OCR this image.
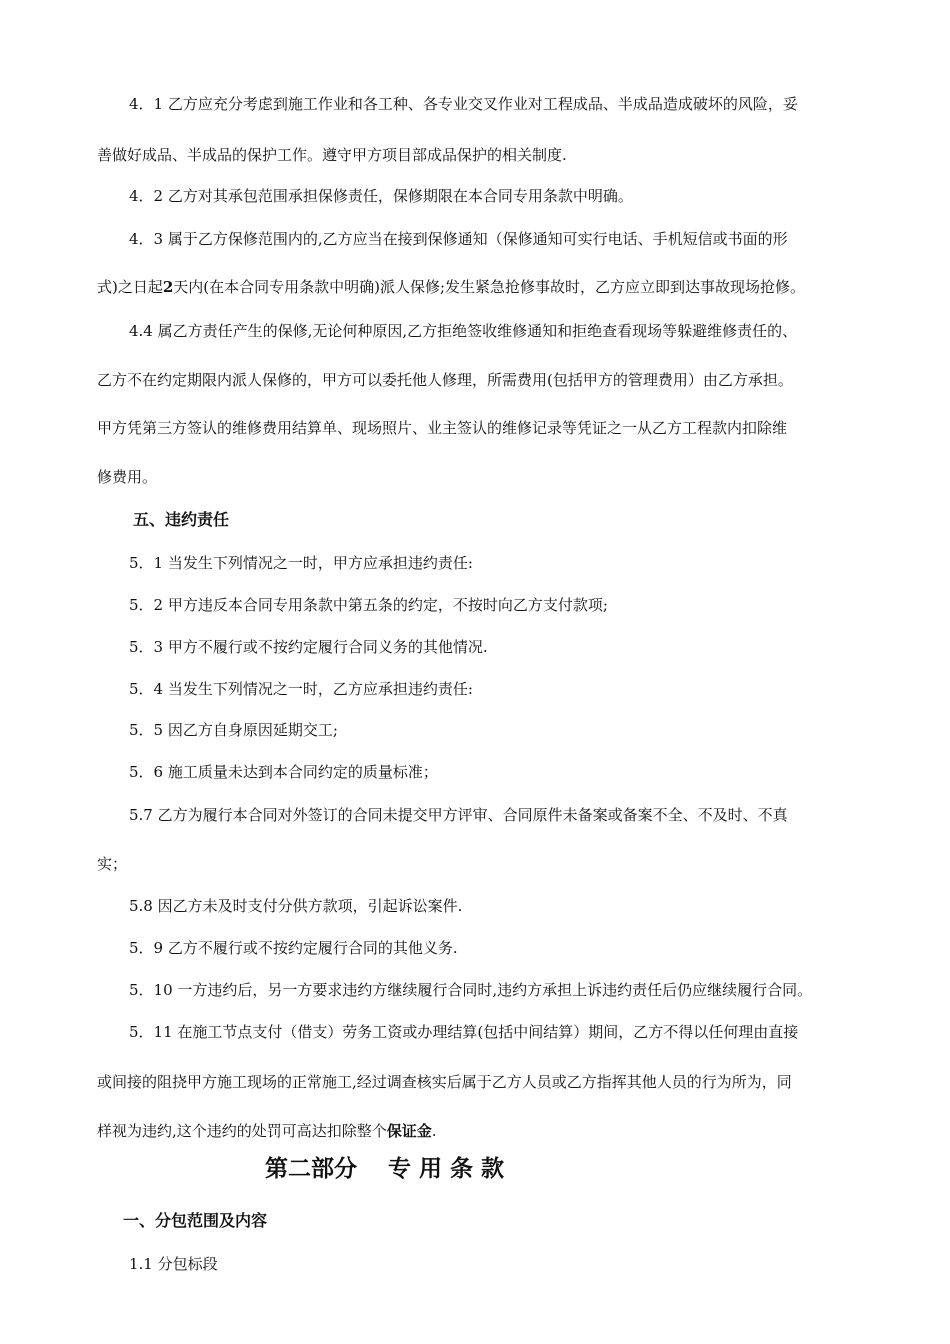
4．1 乙方应充分考虑到施工作业和各工种、各专业交叉作业对工程成品、半成品造成破坏的风险，妥
善做好成品、半成品的保护工作。遵守甲方项目部成品保护的相关制度.
4．2 乙方对其承包范围承担保修责任，保修期限在本合同专用条款中明确。
4．3 属于乙方保修范围内的,乙方应当在接到保修通知（保修通知可实行电话、手机短信或书面的形
式)之日起2天内(在本合同专用条款中明确)派人保修;发生紧急抢修事故时，乙方应立即到达事故现场抢修。
4.4 属乙方责任产生的保修,无论何种原因,乙方拒绝签收维修通知和拒绝查看现场等躲避维修责任的、
乙方不在约定期限内派人保修的，甲方可以委托他人修理，所需费用(包括甲方的管理费用）由乙方承担。
甲方凭第三方签认的维修费用结算单、现场照片、业主签认的维修记录等凭证之一从乙方工程款内扣除维
修费用。
五、违约责任
5．1 当发生下列情况之一时，甲方应承担违约责任:
5．2 甲方违反本合同专用条款中第五条的约定，不按时向乙方支付款项;
5．3 甲方不履行或不按约定履行合同义务的其他情况.
5．4 当发生下列情况之一时，乙方应承担违约责任:
5．5 因乙方自身原因延期交工;
5．6 施工质量未达到本合同约定的质量标准；
5.7 乙方为履行本合同对外签订的合同未提交甲方评审、合同原件未备案或备案不全、不及时、不真
实；
5.8 因乙方未及时支付分供方款项，引起诉讼案件.
5．9 乙方不履行或不按约定履行合同的其他义务.
5．10 一方违约后，另一方要求违约方继续履行合同时,违约方承担上诉违约责任后仍应继续履行合同。
5．11 在施工节点支付（借支）劳务工资或办理结算(包括中间结算）期间，乙方不得以任何理由直接
或间接的阻挠甲方施工现场的正常施工,经过调查核实后属于乙方人员或乙方指挥其他人员的行为所为，同
样视为违约,这个违约的处罚可高达扣除整个保证金.
第二部分　 专 用 条 款
一、分包范围及内容
1.1 分包标段
